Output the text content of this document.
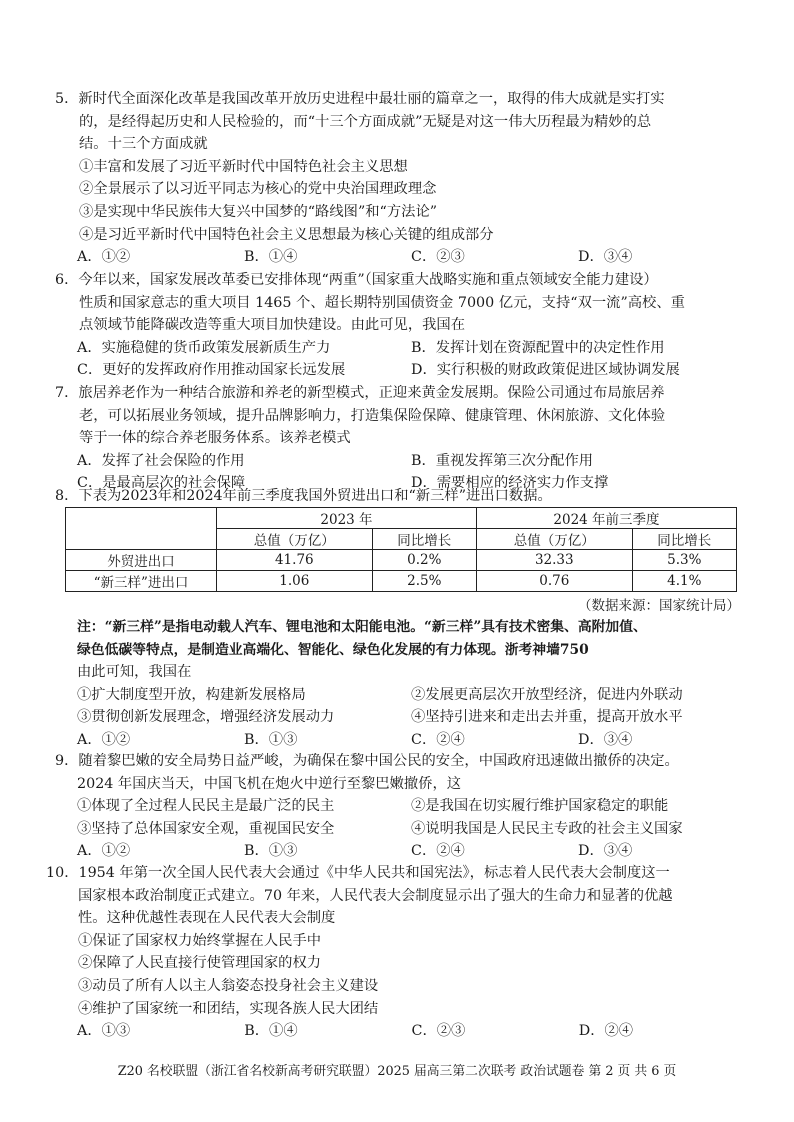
5．新时代全面深化改革是我国改革开放历史进程中最壮丽的篇章之一，取得的伟大成就是实打实
的，是经得起历史和人民检验的，而“十三个方面成就”无疑是对这一伟大历程最为精妙的总
结。十三个方面成就
①丰富和发展了习近平新时代中国特色社会主义思想
②全景展示了以习近平同志为核心的党中央治国理政理念
③是实现中华民族伟大复兴中国梦的“路线图”和“方法论”
④是习近平新时代中国特色社会主义思想最为核心关键的组成部分
A．①②	B．①④	C．②③	D．③④
6．今年以来，国家发展改革委已安排体现“两重”（国家重大战略实施和重点领域安全能力建设）
性质和国家意志的重大项目 1465 个、超长期特别国债资金 7000 亿元，支持“双一流”高校、重
点领域节能降碳改造等重大项目加快建设。由此可见，我国在
A．实施稳健的货币政策发展新质生产力	B．发挥计划在资源配置中的决定性作用
C．更好的发挥政府作用推动国家长远发展	D．实行积极的财政政策促进区域协调发展
7．旅居养老作为一种结合旅游和养老的新型模式，正迎来黄金发展期。保险公司通过布局旅居养
老，可以拓展业务领域，提升品牌影响力，打造集保险保障、健康管理、休闲旅游、文化体验
等于一体的综合养老服务体系。该养老模式
A．发挥了社会保险的作用	B．重视发挥第三次分配作用
C．是最高层次的社会保障	D．需要相应的经济实力作支撑
8．下表为2023年和2024年前三季度我国外贸进出口和“新三样”进出口数据。
	2023 年		2024 年前三季度	
	总值（万亿）	同比增长	总值（万亿）	同比增长
外贸进出口	41.76	0.2%	32.33	5.3%
“新三样”进出口	1.06	2.5%	0.76	4.1%
（数据来源：国家统计局）
注：“新三样”是指电动载人汽车、锂电池和太阳能电池。“新三样”具有技术密集、高附加值、
绿色低碳等特点，是制造业高端化、智能化、绿色化发展的有力体现。浙考神墙750
由此可知，我国在
①扩大制度型开放，构建新发展格局	②发展更高层次开放型经济，促进内外联动
③贯彻创新发展理念，增强经济发展动力	④坚持引进来和走出去并重，提高开放水平
A．①②	B．①③	C．②④	D．③④
9．随着黎巴嫩的安全局势日益严峻，为确保在黎中国公民的安全，中国政府迅速做出撤侨的决定。
2024 年国庆当天，中国飞机在炮火中逆行至黎巴嫩撤侨，这
①体现了全过程人民民主是最广泛的民主	②是我国在切实履行维护国家稳定的职能
③坚持了总体国家安全观，重视国民安全	④说明我国是人民民主专政的社会主义国家
A．①②	B．①③	C．②④	D．③④
10．1954 年第一次全国人民代表大会通过《中华人民共和国宪法》，标志着人民代表大会制度这一
国家根本政治制度正式建立。70 年来，人民代表大会制度显示出了强大的生命力和显著的优越
性。这种优越性表现在人民代表大会制度
①保证了国家权力始终掌握在人民手中
②保障了人民直接行使管理国家的权力
③动员了所有人以主人翁姿态投身社会主义建设
④维护了国家统一和团结，实现各族人民大团结
A．①③	B．①④	C．②③	D．②④
Z20 名校联盟（浙江省名校新高考研究联盟）2025 届高三第二次联考 政治试题卷 第 2 页 共 6 页
